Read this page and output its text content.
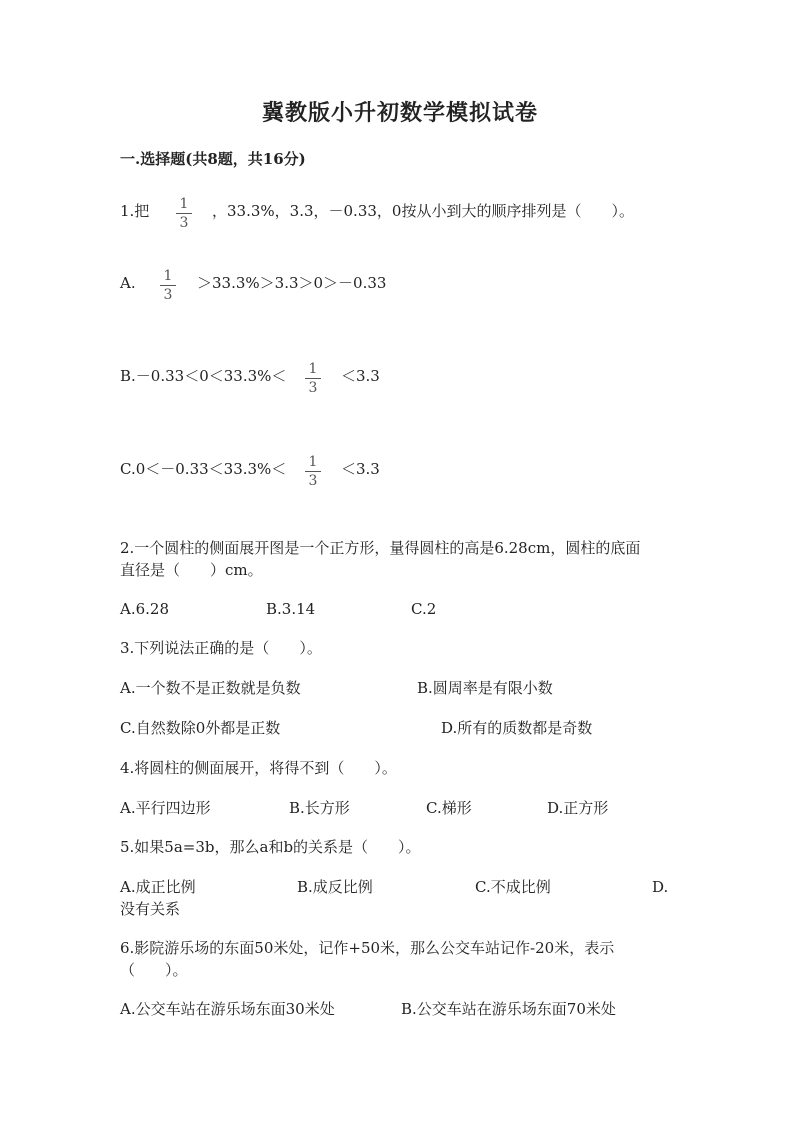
冀教版小升初数学模拟试卷
一.选择题(共8题，共16分)
1.把 $\frac{1}{3}$ ，33.3%，3.3，－0.33，0按从小到大的顺序排列是（　　）。
A. $\frac{1}{3} >33.3\%>3.3>0>-0.33$
$B.-0.33<0<33.3\%< \frac{1}{3} <3.3$
$C.0<-0.33<33.3\%< \frac{1}{3} <3.3$
2.一个圆柱的侧面展开图是一个正方形，量得圆柱的高是6.28cm，圆柱的底面
直径是（　　）cm。
A.6.28	B.3.14	C.2
3.下列说法正确的是（　　）。
A.一个数不是正数就是负数	B.圆周率是有限小数
C.自然数除0外都是正数	D.所有的质数都是奇数
4.将圆柱的侧面展开，将得不到（　　）。
A.平行四边形	B.长方形	C.梯形	D.正方形
5.如果5a=3b，那么a和b的关系是（　　）。
A.成正比例	B.成反比例	C.不成比例	D.
没有关系
6.影院游乐场的东面50米处，记作+50米，那么公交车站记作-20米，表示
（　　）。
A.公交车站在游乐场东面30米处	B.公交车站在游乐场东面70米处
